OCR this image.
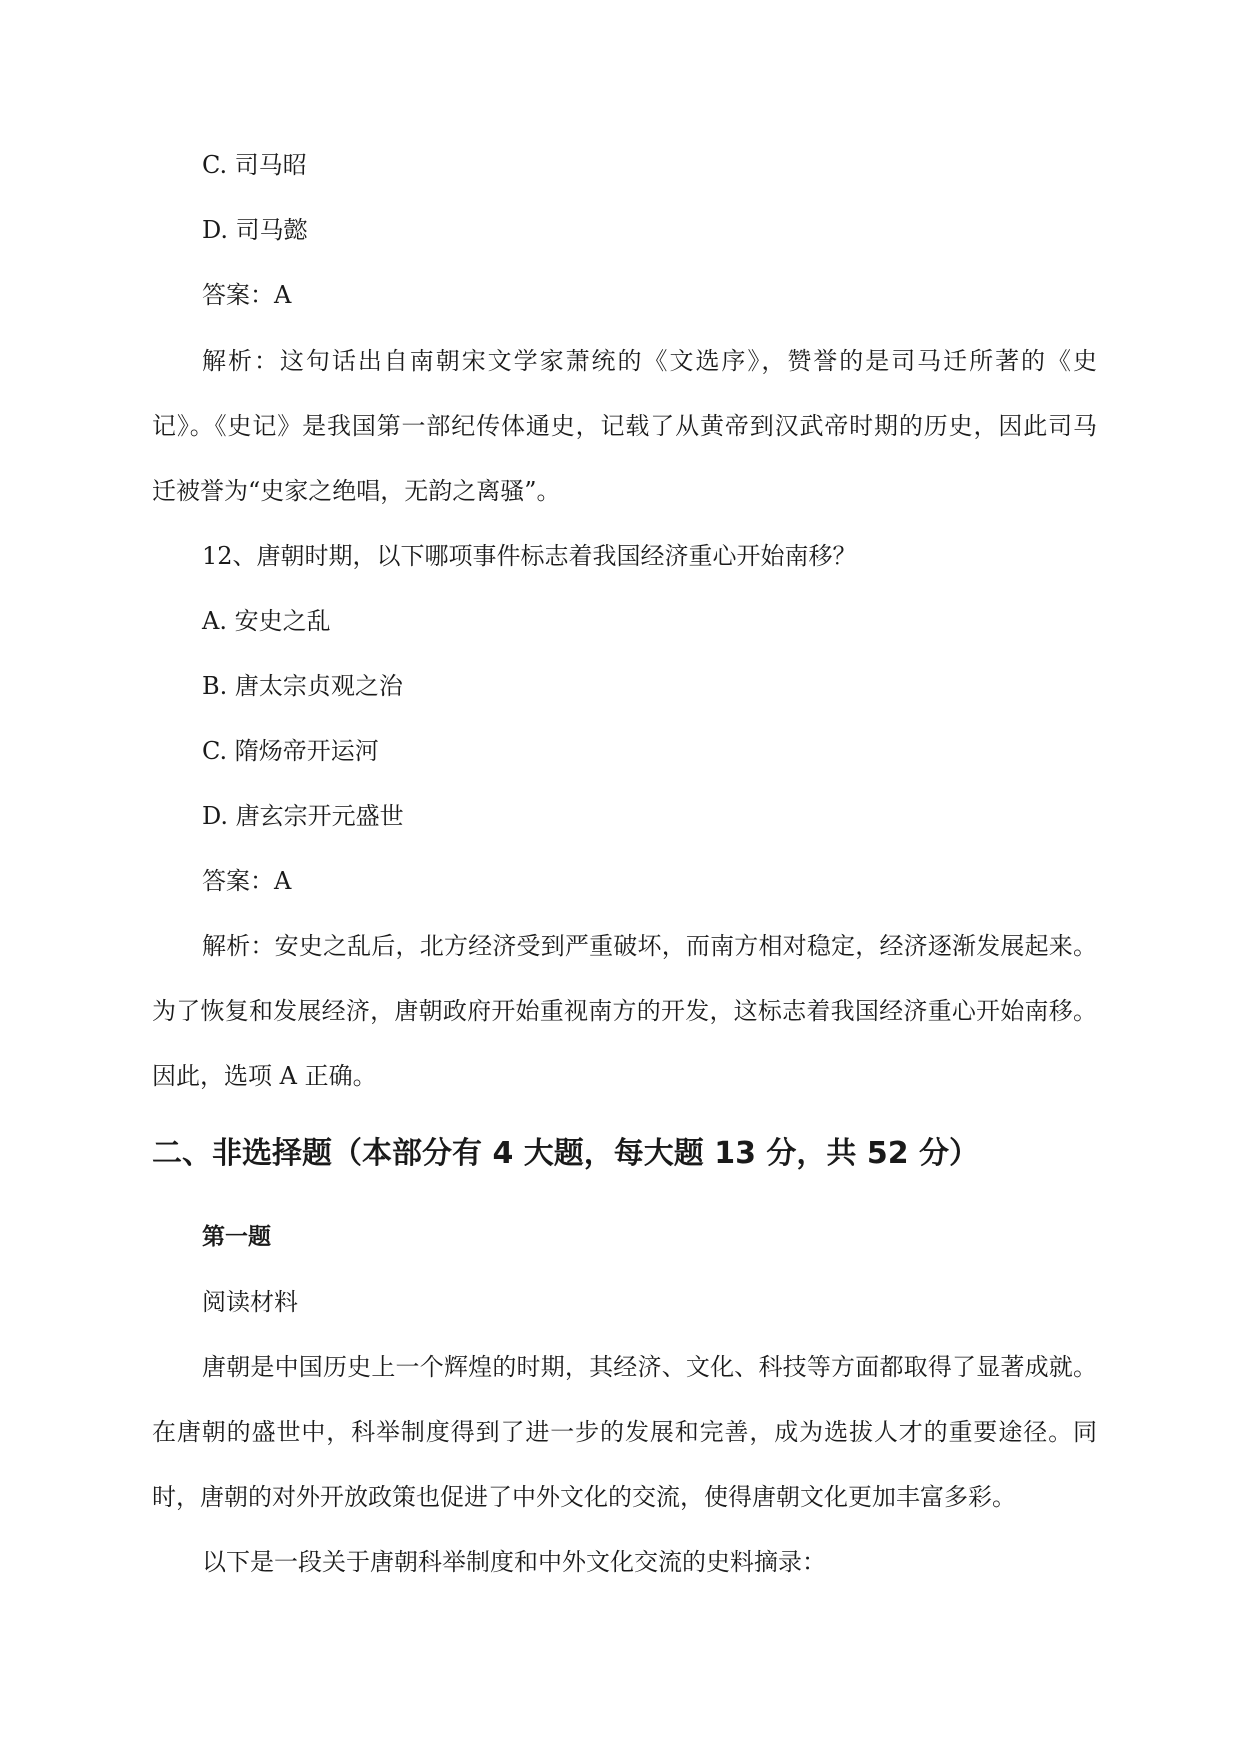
C. 司马昭
D. 司马懿
答案：A
解析：这句话出自南朝宋文学家萧统的《文选序》，赞誉的是司马迁所著的《史
记》。《史记》是我国第一部纪传体通史，记载了从黄帝到汉武帝时期的历史，因此司马
迁被誉为“史家之绝唱，无韵之离骚”。
12、唐朝时期，以下哪项事件标志着我国经济重心开始南移？
A. 安史之乱
B. 唐太宗贞观之治
C. 隋炀帝开运河
D. 唐玄宗开元盛世
答案：A
解析：安史之乱后，北方经济受到严重破坏，而南方相对稳定，经济逐渐发展起来。
为了恢复和发展经济，唐朝政府开始重视南方的开发，这标志着我国经济重心开始南移。
因此，选项 A 正确。
二、非选择题（本部分有 4 大题，每大题 13 分，共 52 分）
第一题
阅读材料
唐朝是中国历史上一个辉煌的时期，其经济、文化、科技等方面都取得了显著成就。
在唐朝的盛世中，科举制度得到了进一步的发展和完善，成为选拔人才的重要途径。同
时，唐朝的对外开放政策也促进了中外文化的交流，使得唐朝文化更加丰富多彩。
以下是一段关于唐朝科举制度和中外文化交流的史料摘录：
